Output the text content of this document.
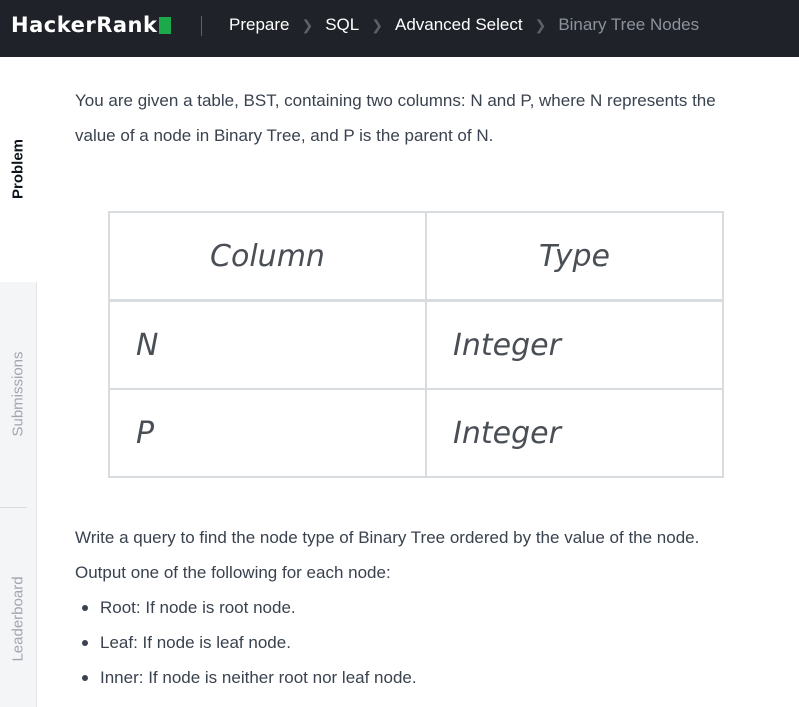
HackerRank	Prepare ❯ SQL ❯ Advanced Select ❯ Binary Tree Nodes
Problem
Submissions
Leaderboard

You are given a table, BST, containing two columns: N and P, where N represents the value of a node in Binary Tree, and P is the parent of N.

Column	Type
N	Integer
P	Integer

Write a query to find the node type of Binary Tree ordered by the value of the node.

Output one of the following for each node:

Root: If node is root node.
Leaf: If node is leaf node.
Inner: If node is neither root nor leaf node.
